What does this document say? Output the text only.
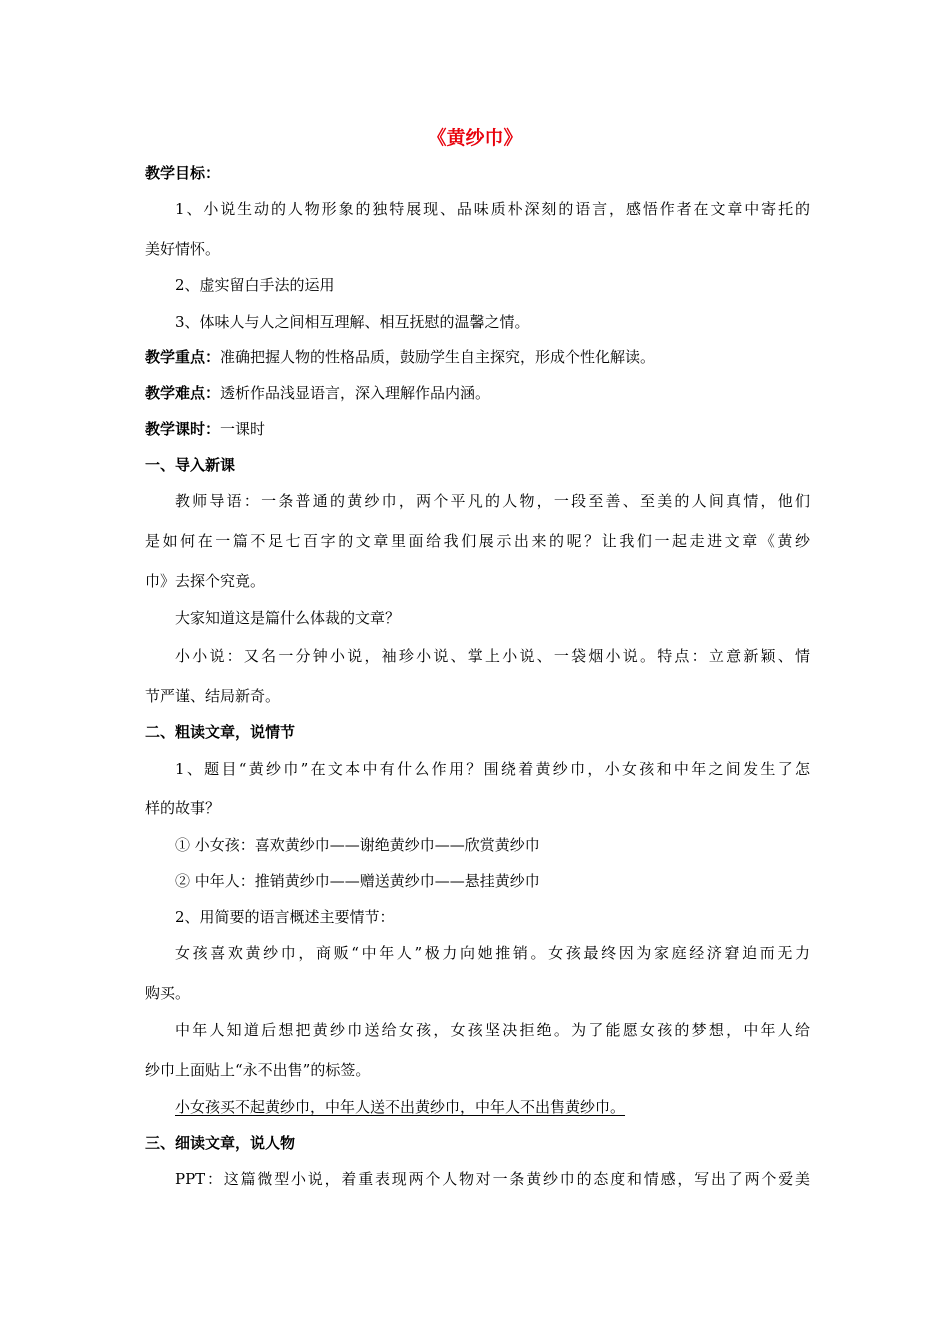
《黄纱巾》
教学目标：
1、小说生动的人物形象的独特展现、品味质朴深刻的语言，感悟作者在文章中寄托的
美好情怀。
2、虚实留白手法的运用
3、体味人与人之间相互理解、相互抚慰的温馨之情。
教学重点：准确把握人物的性格品质，鼓励学生自主探究，形成个性化解读。
教学难点：透析作品浅显语言，深入理解作品内涵。
教学课时：一课时
一、导入新课
教师导语：一条普通的黄纱巾，两个平凡的人物，一段至善、至美的人间真情，他们
是如何在一篇不足七百字的文章里面给我们展示出来的呢？让我们一起走进文章《黄纱
巾》去探个究竟。
大家知道这是篇什么体裁的文章？
小小说：又名一分钟小说，袖珍小说、掌上小说、一袋烟小说。特点：立意新颖、情
节严谨、结局新奇。
二、粗读文章，说情节
1、题目“黄纱巾”在文本中有什么作用？围绕着黄纱巾，小女孩和中年之间发生了怎
样的故事？
① 小女孩：喜欢黄纱巾——谢绝黄纱巾——欣赏黄纱巾
② 中年人：推销黄纱巾——赠送黄纱巾——悬挂黄纱巾
2、用简要的语言概述主要情节：
女孩喜欢黄纱巾，商贩“中年人”极力向她推销。女孩最终因为家庭经济窘迫而无力
购买。
中年人知道后想把黄纱巾送给女孩，女孩坚决拒绝。为了能愿女孩的梦想，中年人给
纱巾上面贴上“永不出售”的标签。
小女孩买不起黄纱巾，中年人送不出黄纱巾，中年人不出售黄纱巾。
三、细读文章，说人物
PPT：这篇微型小说，着重表现两个人物对一条黄纱巾的态度和情感，写出了两个爱美
